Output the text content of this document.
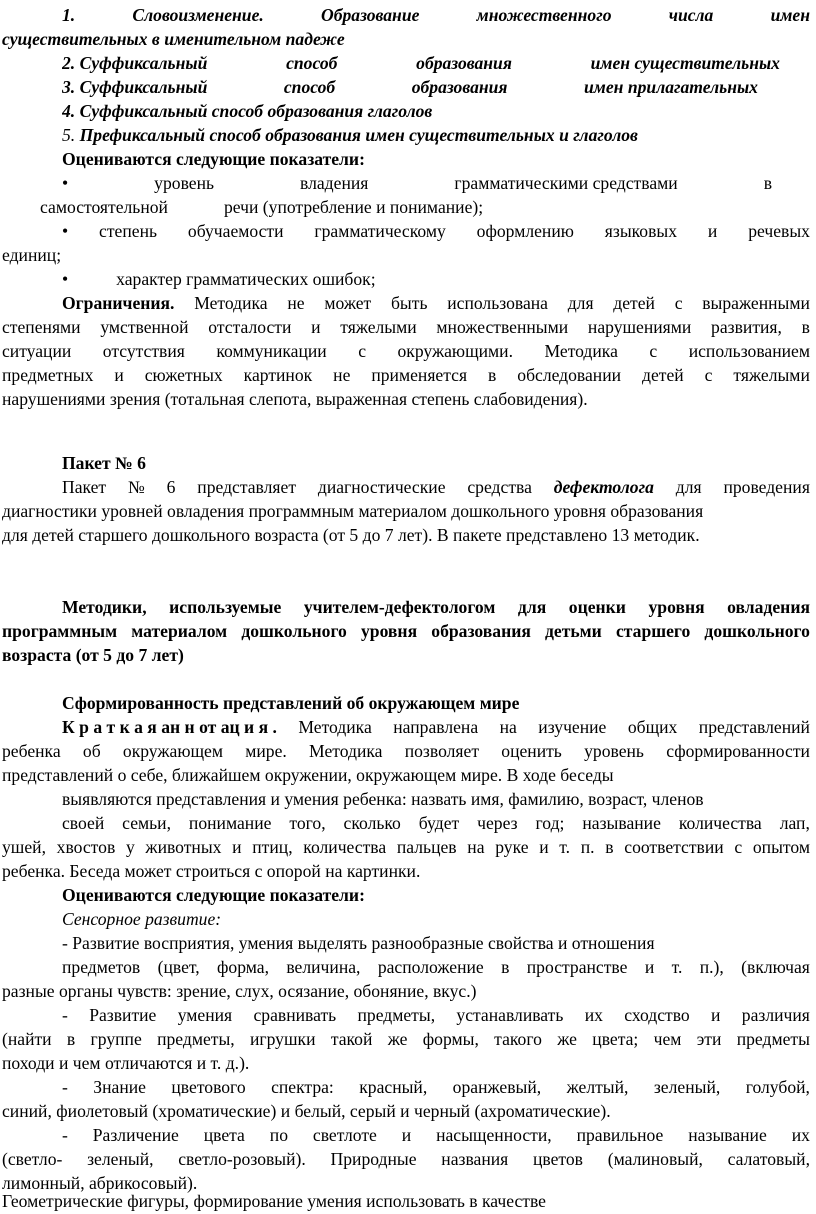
1.	Словоизменение.	Образование	множественного	числа	имен
существительных в именительном падеже
2. Суффиксальный	способ	образования	имен существительных
3. Суффиксальный	способ	образования	имен прилагательных
4. Суффиксальный способ образования глаголов
5. Префиксальный способ образования имен существительных и глаголов
Оцениваются следующие показатели:
•	уровень	владения	грамматическими средствами	в
самостоятельной	речи (употребление и понимание);
• степень обучаемости грамматическому оформлению языковых и речевых
единиц;
•	характер грамматических ошибок;
Ограничения. Методика не может быть использована для детей с выраженными
степенями умственной отсталости и тяжелыми множественными нарушениями развития, в
ситуации отсутствия коммуникации с окружающими. Методика с использованием
предметных и сюжетных картинок не применяется в обследовании детей с тяжелыми
нарушениями зрения (тотальная слепота, выраженная степень слабовидения).
Пакет № 6
Пакет № 6 представляет диагностические средства дефектолога для проведения
диагностики уровней овладения программным материалом дошкольного уровня образования
для детей старшего дошкольного возраста (от 5 до 7 лет). В пакете представлено 13 методик.
Методики, используемые учителем-дефектологом для оценки уровня овладения
программным материалом дошкольного уровня образования детьми старшего дошкольного
возраста (от 5 до 7 лет)
Сформированность представлений об окружающем мире
К р а т к а я ан н от ац и я . Методика направлена на изучение общих представлений
ребенка об окружающем мире. Методика позволяет оценить уровень сформированности
представлений о себе, ближайшем окружении, окружающем мире. В ходе беседы
выявляются представления и умения ребенка: назвать имя, фамилию, возраст, членов
своей семьи, понимание того, сколько будет через год; называние количества лап,
ушей, хвостов у животных и птиц, количества пальцев на руке и т. п. в соответствии с опытом
ребенка. Беседа может строиться с опорой на картинки.
Оцениваются следующие показатели:
Сенсорное развитие:
- Развитие восприятия, умения выделять разнообразные свойства и отношения
предметов (цвет, форма, величина, расположение в пространстве и т. п.), (включая
разные органы чувств: зрение, слух, осязание, обоняние, вкус.)
- Развитие умения сравнивать предметы, устанавливать их сходство и различия
(найти в группе предметы, игрушки такой же формы, такого же цвета; чем эти предметы
походи и чем отличаются и т. д.).
- Знание цветового спектра: красный, оранжевый, желтый, зеленый, голубой,
синий, фиолетовый (хроматические) и белый, серый и черный (ахроматические).
- Различение цвета по светлоте и насыщенности, правильное называние их
(светло- зеленый, светло-розовый). Природные названия цветов (малиновый, салатовый,
лимонный, абрикосовый).
Геометрические фигуры, формирование умения использовать в качестве
